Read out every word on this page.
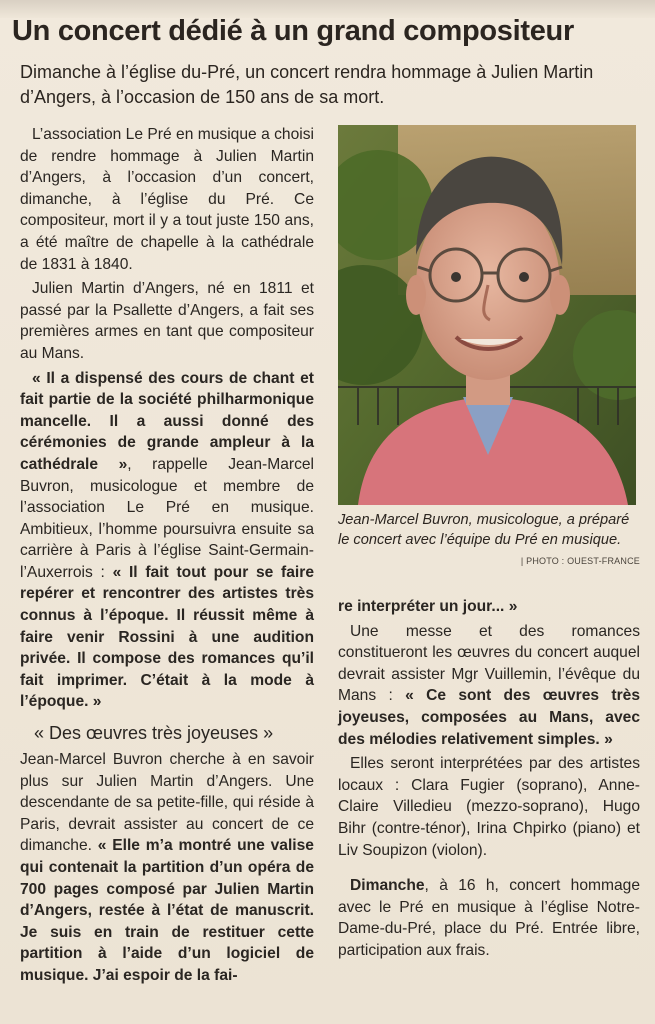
Un concert dédié à un grand compositeur

Dimanche à l’église du-Pré, un concert rendra hommage à Julien Martin d’Angers, à l’occasion de 150 ans de sa mort.

L’association Le Pré en musique a choisi de rendre hommage à Julien Martin d’Angers, à l’occasion d’un concert, dimanche, à l’église du Pré. Ce compositeur, mort il y a tout juste 150 ans, a été maître de chapelle à la cathédrale de 1831 à 1840.

Julien Martin d’Angers, né en 1811 et passé par la Psallette d’Angers, a fait ses premières armes en tant que compositeur au Mans.

« Il a dispensé des cours de chant et fait partie de la société philharmonique mancelle. Il a aussi donné des cérémonies de grande ampleur à la cathédrale », rappelle Jean-Marcel Buvron, musicologue et membre de l’association Le Pré en musique. Ambitieux, l’homme poursuivra ensuite sa carrière à Paris à l’église Saint-Germain-l’Auxerrois : « Il fait tout pour se faire repérer et rencontrer des artistes très connus à l’époque. Il réussit même à faire venir Rossini à une audition privée. Il compose des romances qu’il fait imprimer. C’était à la mode à l’époque. »

« Des œuvres très joyeuses »

Jean-Marcel Buvron cherche à en savoir plus sur Julien Martin d’Angers. Une descendante de sa petite-fille, qui réside à Paris, devrait assister au concert de ce dimanche. « Elle m’a montré une valise qui contenait la partition d’un opéra de 700 pages composé par Julien Martin d’Angers, restée à l’état de manuscrit. Je suis en train de restituer cette partition à l’aide d’un logiciel de musique. J’ai espoir de la fai-

Jean-Marcel Buvron, musicologue, a préparé le concert avec l’équipe du Pré en musique.
| PHOTO : OUEST-FRANCE

re interpréter un jour... »

Une messe et des romances constitueront les œuvres du concert auquel devrait assister Mgr Vuillemin, l’évêque du Mans : « Ce sont des œuvres très joyeuses, composées au Mans, avec des mélodies relativement simples. »

Elles seront interprétées par des artistes locaux : Clara Fugier (soprano), Anne-Claire Villedieu (mezzo-soprano), Hugo Bihr (contre-ténor), Irina Chpirko (piano) et Liv Soupizon (violon).

Dimanche, à 16 h, concert hommage avec le Pré en musique à l’église Notre-Dame-du-Pré, place du Pré. Entrée libre, participation aux frais.
